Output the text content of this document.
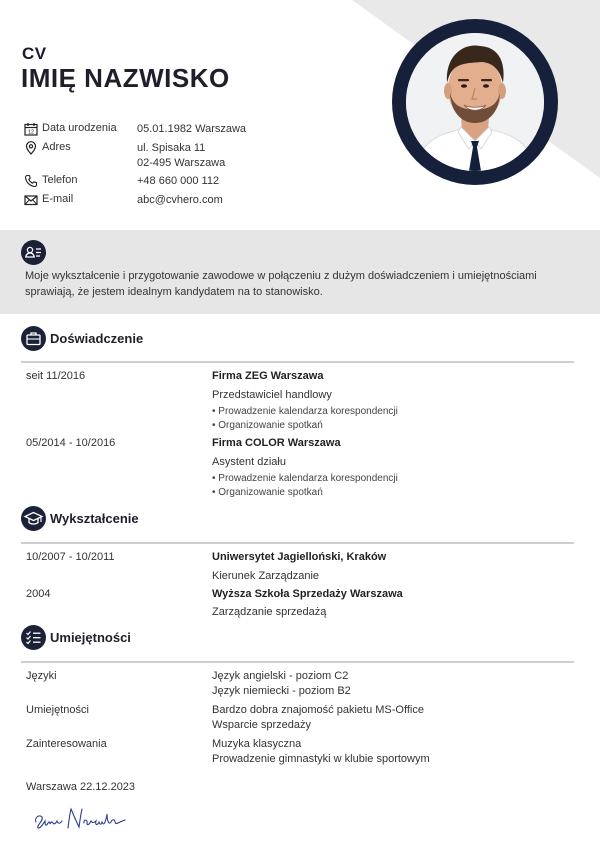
CV
IMIĘ NAZWISKO
12 Data urodzenia 05.01.1982 Warszawa
Adres	ul. Spisaka 11
02-495 Warszawa
Telefon	+48 660 000 112
E-mail	abc@cvhero.com
Moje wykształcenie i przygotowanie zawodowe w połączeniu z dużym doświadczeniem i umiejętnościami sprawiają, że jestem idealnym kandydatem na to stanowisko.
Doświadczenie
seit 11/2016	Firma ZEG Warszawa
Przedstawiciel handlowy
• Prowadzenie kalendarza korespondencji
• Organizowanie spotkań
05/2014 - 10/2016	Firma COLOR Warszawa
Asystent działu
• Prowadzenie kalendarza korespondencji
• Organizowanie spotkań
Wykształcenie
10/2007 - 10/2011	Uniwersytet Jagielloński, Kraków
Kierunek Zarządzanie
2004	Wyższa Szkoła Sprzedaży Warszawa
Zarządzanie sprzedażą
Umiejętności
Języki	Język angielski - poziom C2
Język niemiecki - poziom B2
Umiejętności	Bardzo dobra znajomość pakietu MS-Office
Wsparcie sprzedaży
Zainteresowania	Muzyka klasyczna
Prowadzenie gimnastyki w klubie sportowym
Warszawa 22.12.2023
